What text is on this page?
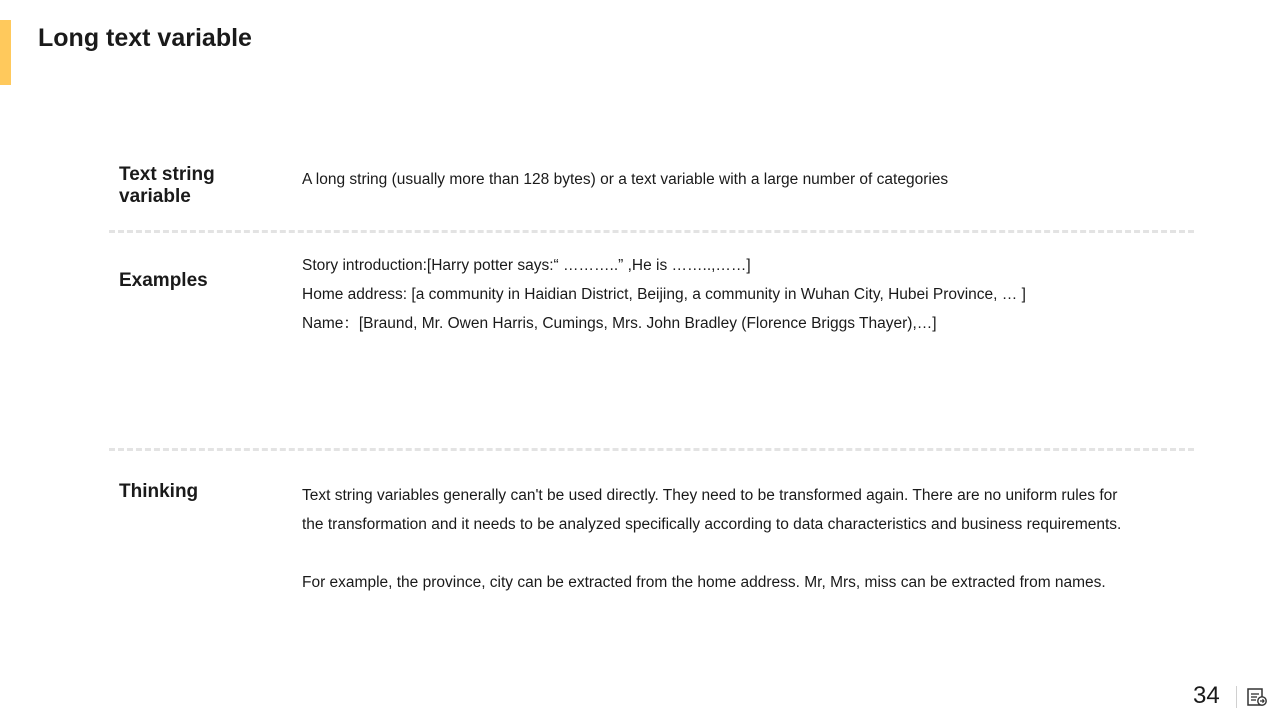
Long text variable
Text string
variable
A long string (usually more than 128 bytes) or a text variable with a large number of categories
Examples
Story introduction:[Harry potter says:“ ………..” ,He is ……..,……]
Home address: [a community in Haidian District, Beijing, a community in Wuhan City, Hubei Province, … ]
Name：[Braund, Mr. Owen Harris, Cumings, Mrs. John Bradley (Florence Briggs Thayer),…]
Thinking	Text string variables generally can't be used directly. They need to be transformed again. There are no uniform rules for
the transformation and it needs to be analyzed specifically according to data characteristics and business requirements.
For example, the province, city can be extracted from the home address. Mr, Mrs, miss can be extracted from names.
34
